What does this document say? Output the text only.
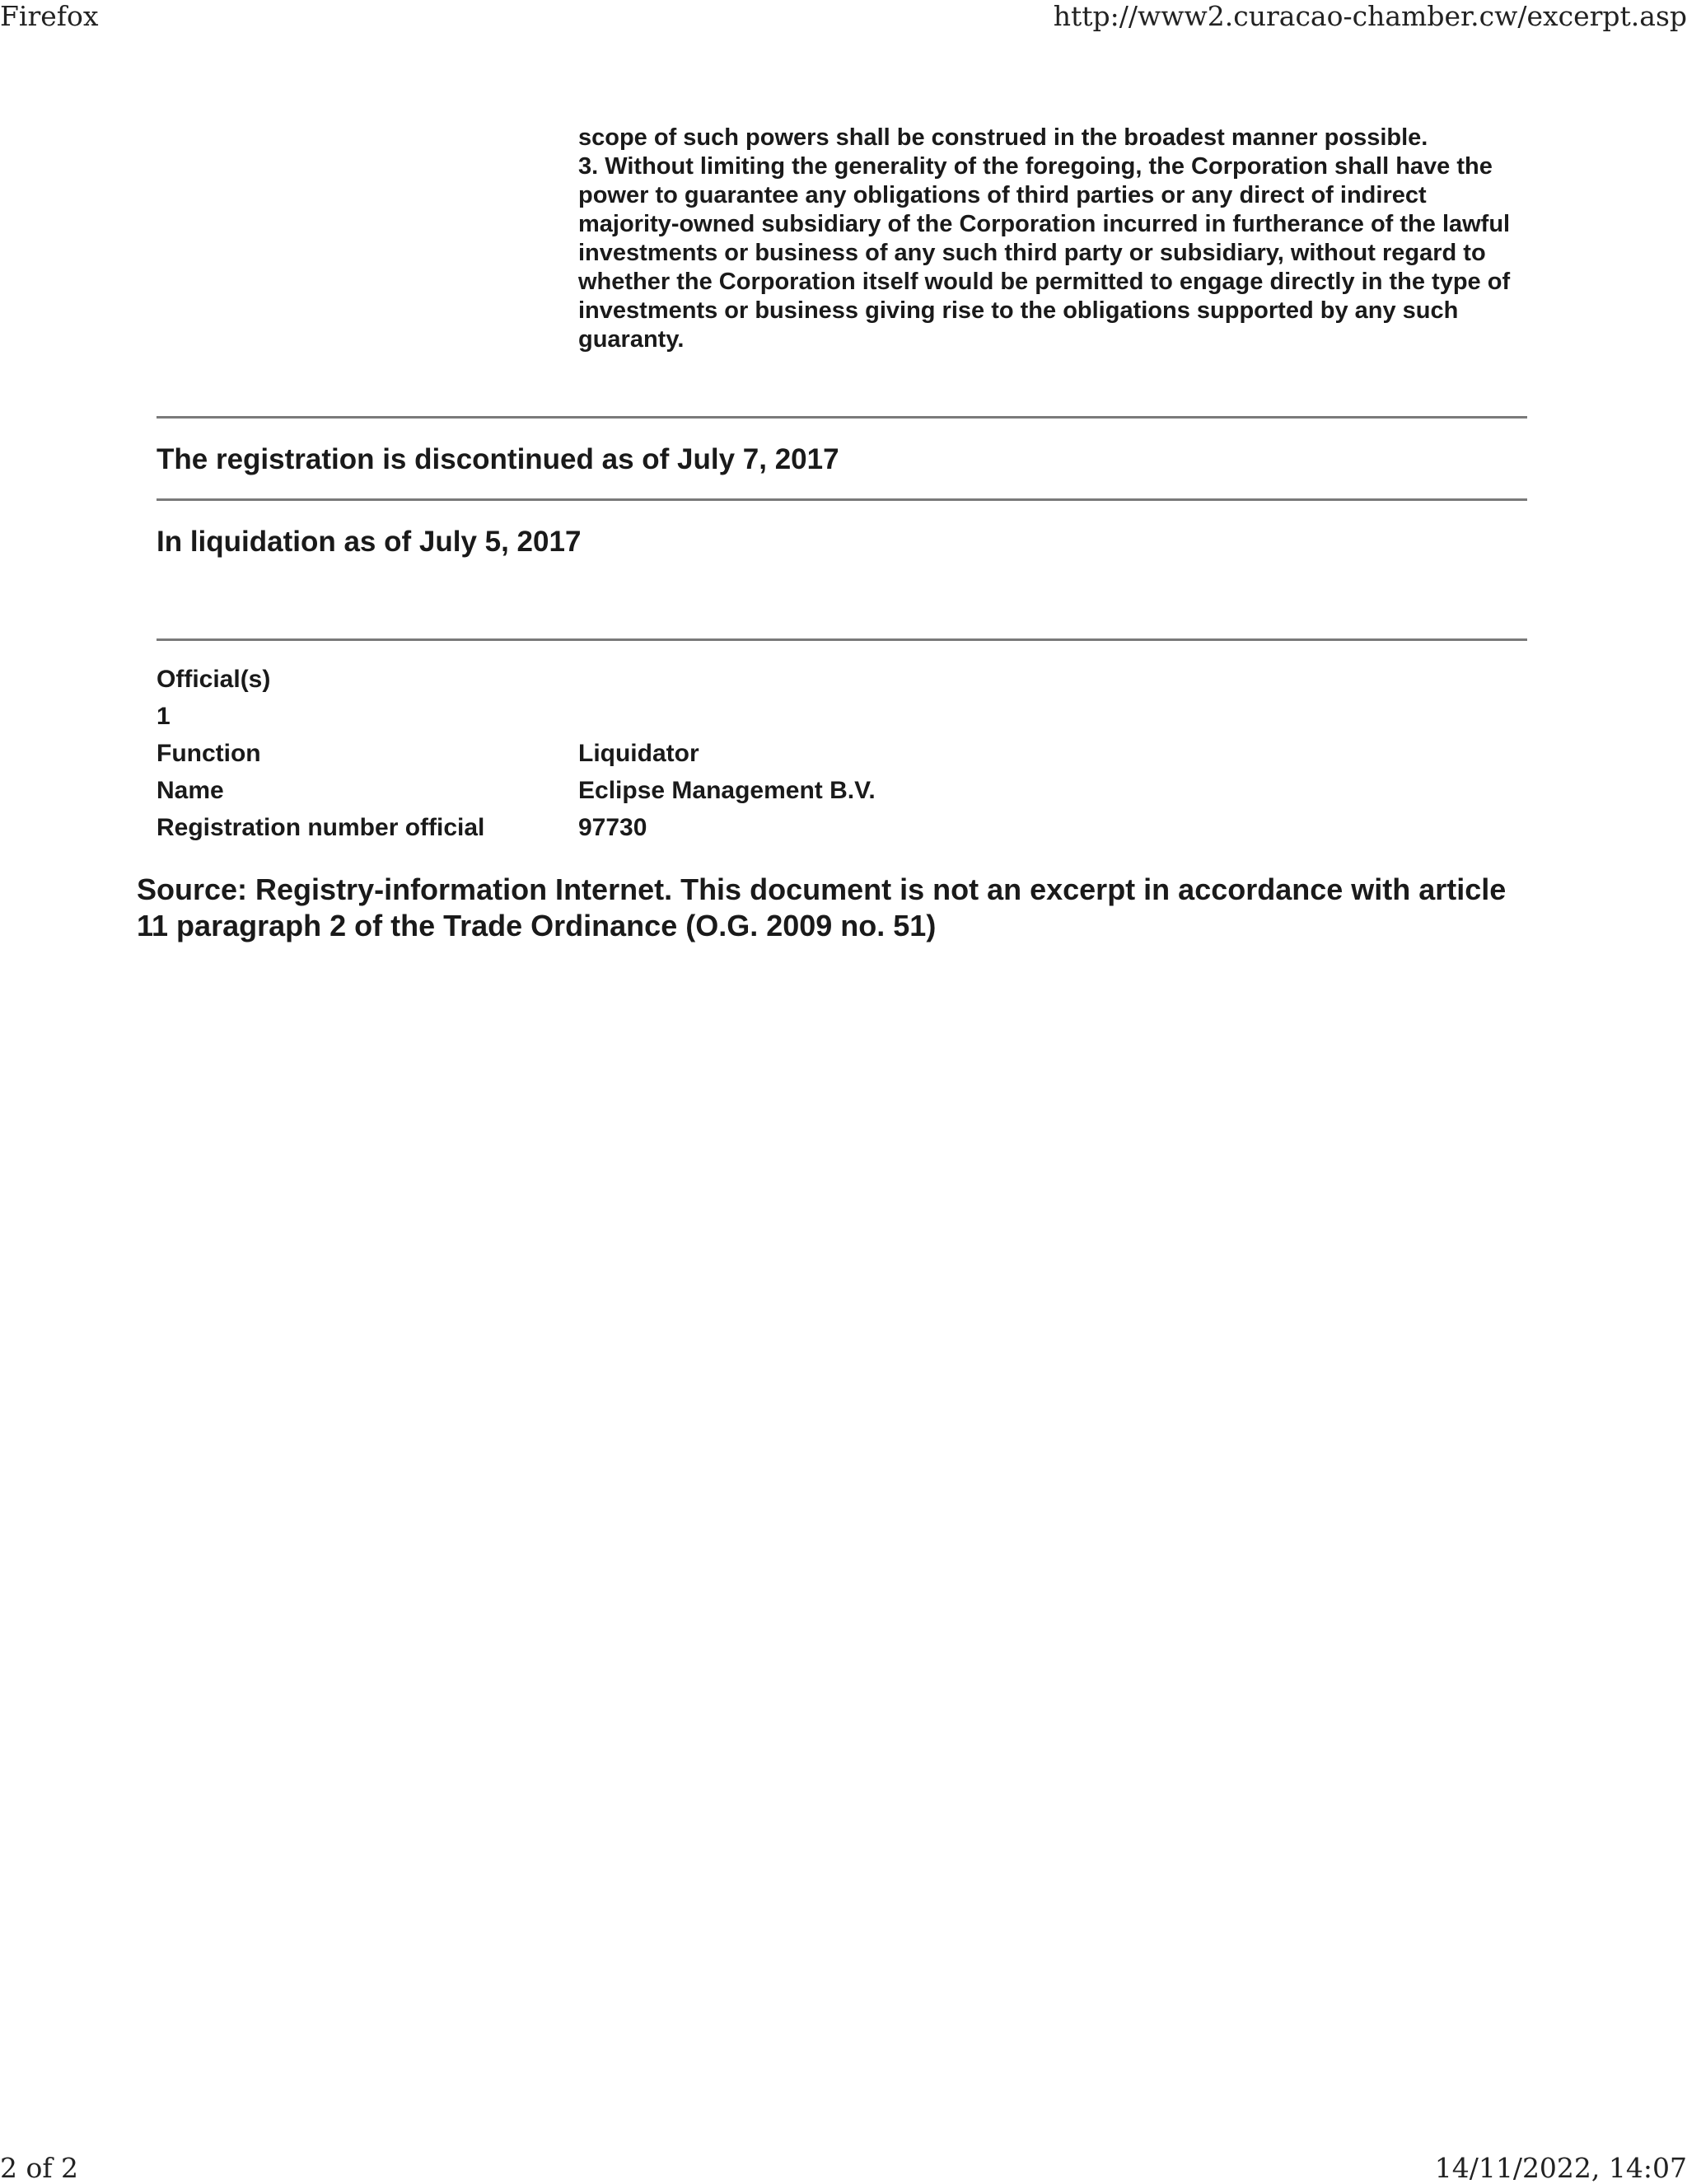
Firefox	http://www2.curacao-chamber.cw/excerpt.asp

scope of such powers shall be construed in the broadest manner possible.

3. Without limiting the generality of the foregoing, the Corporation shall have the power to guarantee any obligations of third parties or any direct of indirect majority-owned subsidiary of the Corporation incurred in furtherance of the lawful investments or business of any such third party or subsidiary, without regard to whether the Corporation itself would be permitted to engage directly in the type of investments or business giving rise to the obligations supported by any such guaranty.

The registration is discontinued as of July 7, 2017
In liquidation as of July 5, 2017
Official(s)
1
Function	Liquidator
Name	Eclipse Management B.V.
Registration number official	97730
Source: Registry-information Internet. This document is not an excerpt in accordance with article 11 paragraph 2 of the Trade Ordinance (O.G. 2009 no. 51)
2 of 2	14/11/2022, 14:07
